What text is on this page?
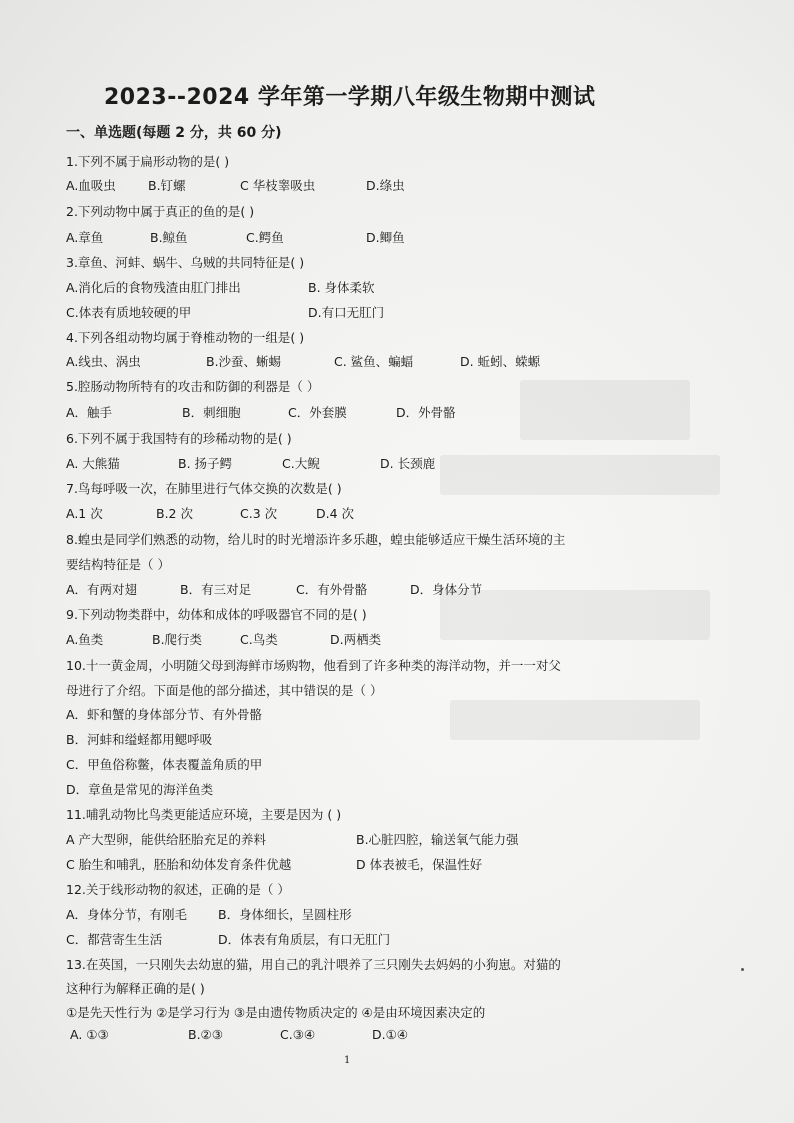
2023--2024 学年第一学期八年级生物期中测试
一、单选题(每题 2 分，共 60 分)
1.下列不属于扁形动物的是( )
A.血吸虫	B.钉螺	C 华枝睾吸虫	D.绦虫
2.下列动物中属于真正的鱼的是( )
A.章鱼	B.鲸鱼	C.鳄鱼	D.鲫鱼
3.章鱼、河蚌、蜗牛、乌贼的共同特征是( )
A.消化后的食物残渣由肛门排出	B. 身体柔软
C.体表有质地较硬的甲	D.有口无肛门
4.下列各组动物均属于脊椎动物的一组是( )
A.线虫、涡虫	B.沙蚕、蜥蜴	C. 鲨鱼、蝙蝠	D. 蚯蚓、蝾螈
5.腔肠动物所特有的攻击和防御的利器是（ ）
A．触手	B．刺细胞	C．外套膜	D．外骨骼
6.下列不属于我国特有的珍稀动物的是( )
A. 大熊猫	B. 扬子鳄	C.大鲵	D. 长颈鹿
7.鸟每呼吸一次，在肺里进行气体交换的次数是( )
A.1 次	B.2 次	C.3 次	D.4 次
8.蝗虫是同学们熟悉的动物，给儿时的时光增添许多乐趣，蝗虫能够适应干燥生活环境的主
要结构特征是（ ）
A．有两对翅	B．有三对足	C．有外骨骼	D．身体分节
9.下列动物类群中，幼体和成体的呼吸器官不同的是( )
A.鱼类	B.爬行类	C.鸟类	D.两栖类
10.十一黄金周，小明随父母到海鲜市场购物，他看到了许多种类的海洋动物，并一一对父
母进行了介绍。下面是他的部分描述，其中错误的是（ ）
A．虾和蟹的身体部分节、有外骨骼
B．河蚌和缢蛏都用鳃呼吸
C．甲鱼俗称鳖，体表覆盖角质的甲
D．章鱼是常见的海洋鱼类
11.哺乳动物比鸟类更能适应环境，主要是因为 ( )
A 产大型卵，能供给胚胎充足的养料	B.心脏四腔，输送氧气能力强
C 胎生和哺乳，胚胎和幼体发育条件优越	D 体表被毛，保温性好
12.关于线形动物的叙述，正确的是（ ）
A．身体分节，有刚毛 B．身体细长，呈圆柱形
C．都营寄生生活	D．体表有角质层，有口无肛门
13.在英国，一只刚失去幼崽的猫，用自己的乳汁喂养了三只刚失去妈妈的小狗崽。对猫的
这种行为解释正确的是( )
①是先天性行为 ②是学习行为 ③是由遗传物质决定的 ④是由环境因素决定的
A. ①③	B.②③	C.③④	D.①④
1
